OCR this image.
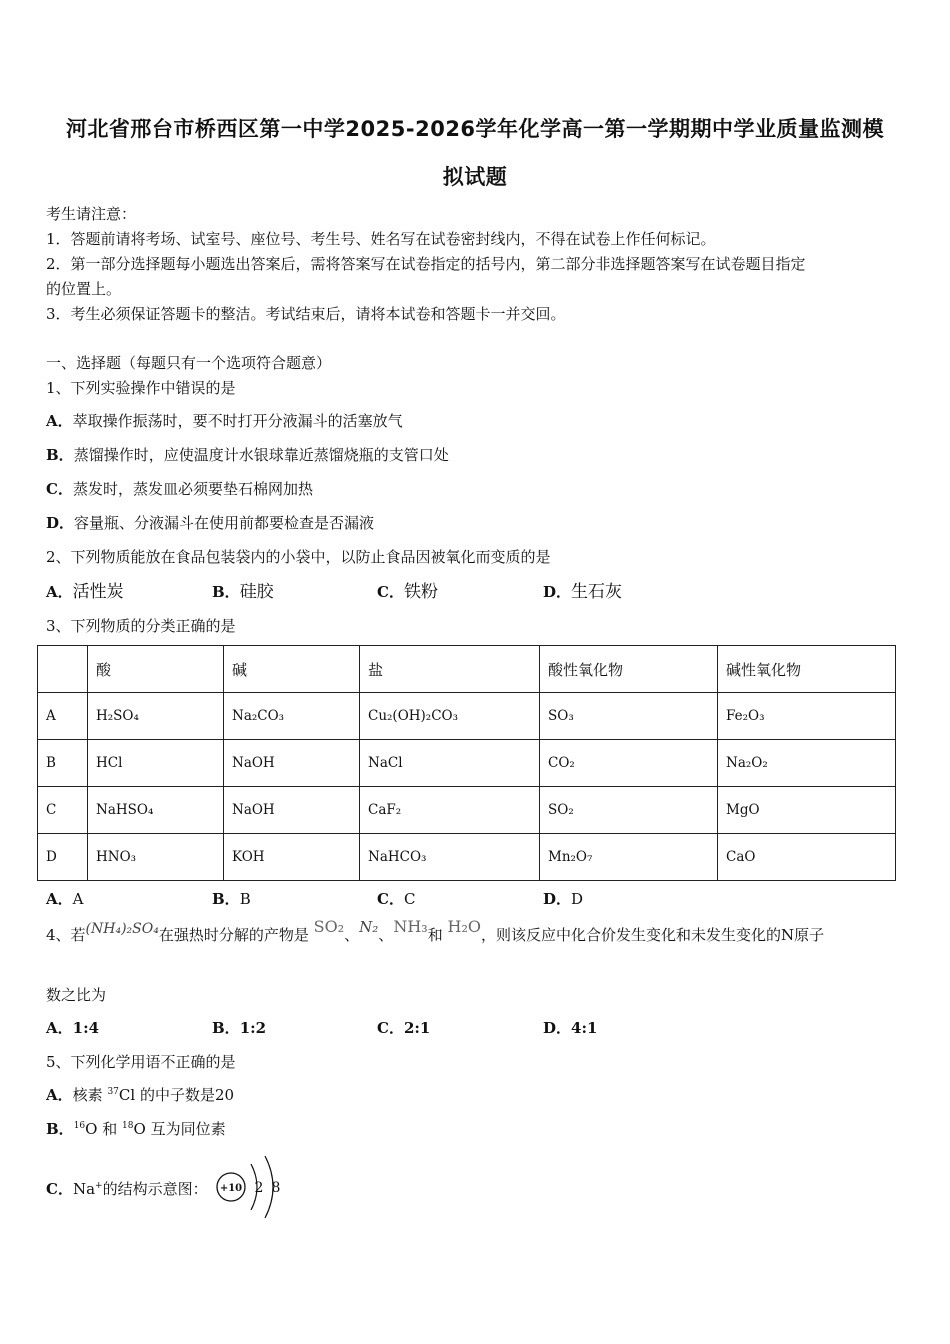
河北省邢台市桥西区第一中学2025-2026学年化学高一第一学期期中学业质量监测模
拟试题
考生请注意：
1．答题前请将考场、试室号、座位号、考生号、姓名写在试卷密封线内，不得在试卷上作任何标记。
2．第一部分选择题每小题选出答案后，需将答案写在试卷指定的括号内，第二部分非选择题答案写在试卷题目指定
的位置上。
3．考生必须保证答题卡的整洁。考试结束后，请将本试卷和答题卡一并交回。
一、选择题（每题只有一个选项符合题意）
1、下列实验操作中错误的是
A．萃取操作振荡时，要不时打开分液漏斗的活塞放气
B．蒸馏操作时，应使温度计水银球靠近蒸馏烧瓶的支管口处
C．蒸发时，蒸发皿必须要垫石棉网加热
D．容量瓶、分液漏斗在使用前都要检查是否漏液
2、下列物质能放在食品包装袋内的小袋中，以防止食品因被氧化而变质的是
A．活性炭	B．硅胶	C．铁粉	D．生石灰
3、下列物质的分类正确的是
	酸	碱	盐	酸性氧化物	碱性氧化物
A	H₂SO₄	Na₂CO₃	Cu₂(OH)₂CO₃	SO₃	Fe₂O₃
B	HCl	NaOH	NaCl	CO₂	Na₂O₂
C	NaHSO₄	NaOH	CaF₂	SO₂	MgO
D	HNO₃	KOH	NaHCO₃	Mn₂O₇	CaO
A．A	B．B	C．C	D．D
4、若(NH₄)₂SO₄在强热时分解的产物是 SO₂、N₂、NH₃和 H₂O，则该反应中化合价发生变化和未发生变化的N原子
数之比为
A．1:4	B．1:2	C．2:1	D．4:1
5、下列化学用语不正确的是
A．核素 $^{37}$Cl 的中子数是20
B．$^{16}$O 和 $^{18}$O 互为同位素
C．Na+的结构示意图： +10 2 8
